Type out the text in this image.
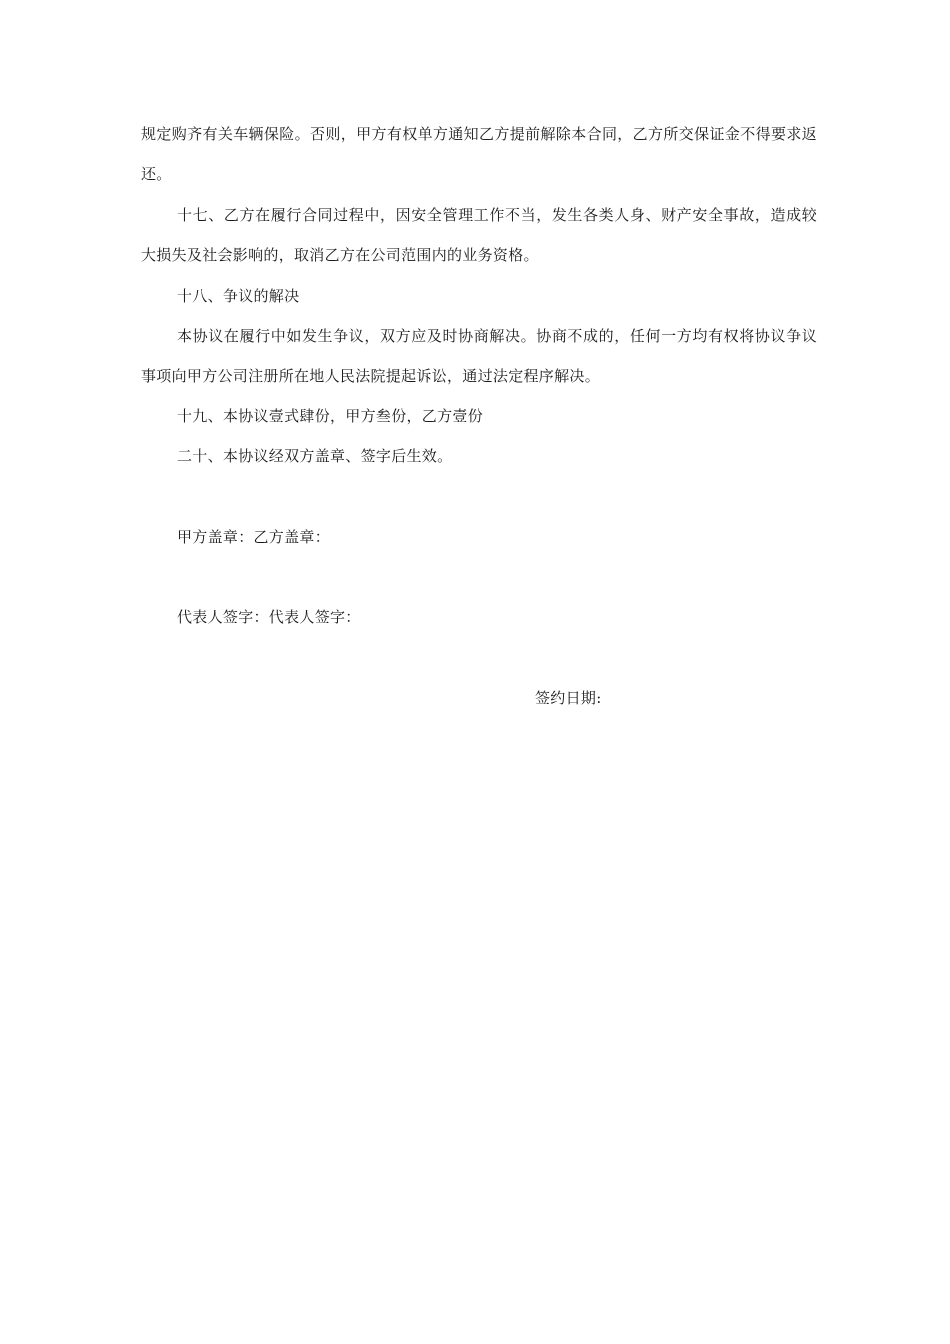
规定购齐有关车辆保险。否则，甲方有权单方通知乙方提前解除本合同，乙方所交保证金不得要求返还。

十七、乙方在履行合同过程中，因安全管理工作不当，发生各类人身、财产安全事故，造成较大损失及社会影响的，取消乙方在公司范围内的业务资格。

十八、争议的解决

本协议在履行中如发生争议，双方应及时协商解决。协商不成的，任何一方均有权将协议争议事项向甲方公司注册所在地人民法院提起诉讼，通过法定程序解决。

十九、本协议壹式肆份，甲方叁份，乙方壹份

二十、本协议经双方盖章、签字后生效。

甲方盖章：乙方盖章：

代表人签字：代表人签字：

签约日期:
